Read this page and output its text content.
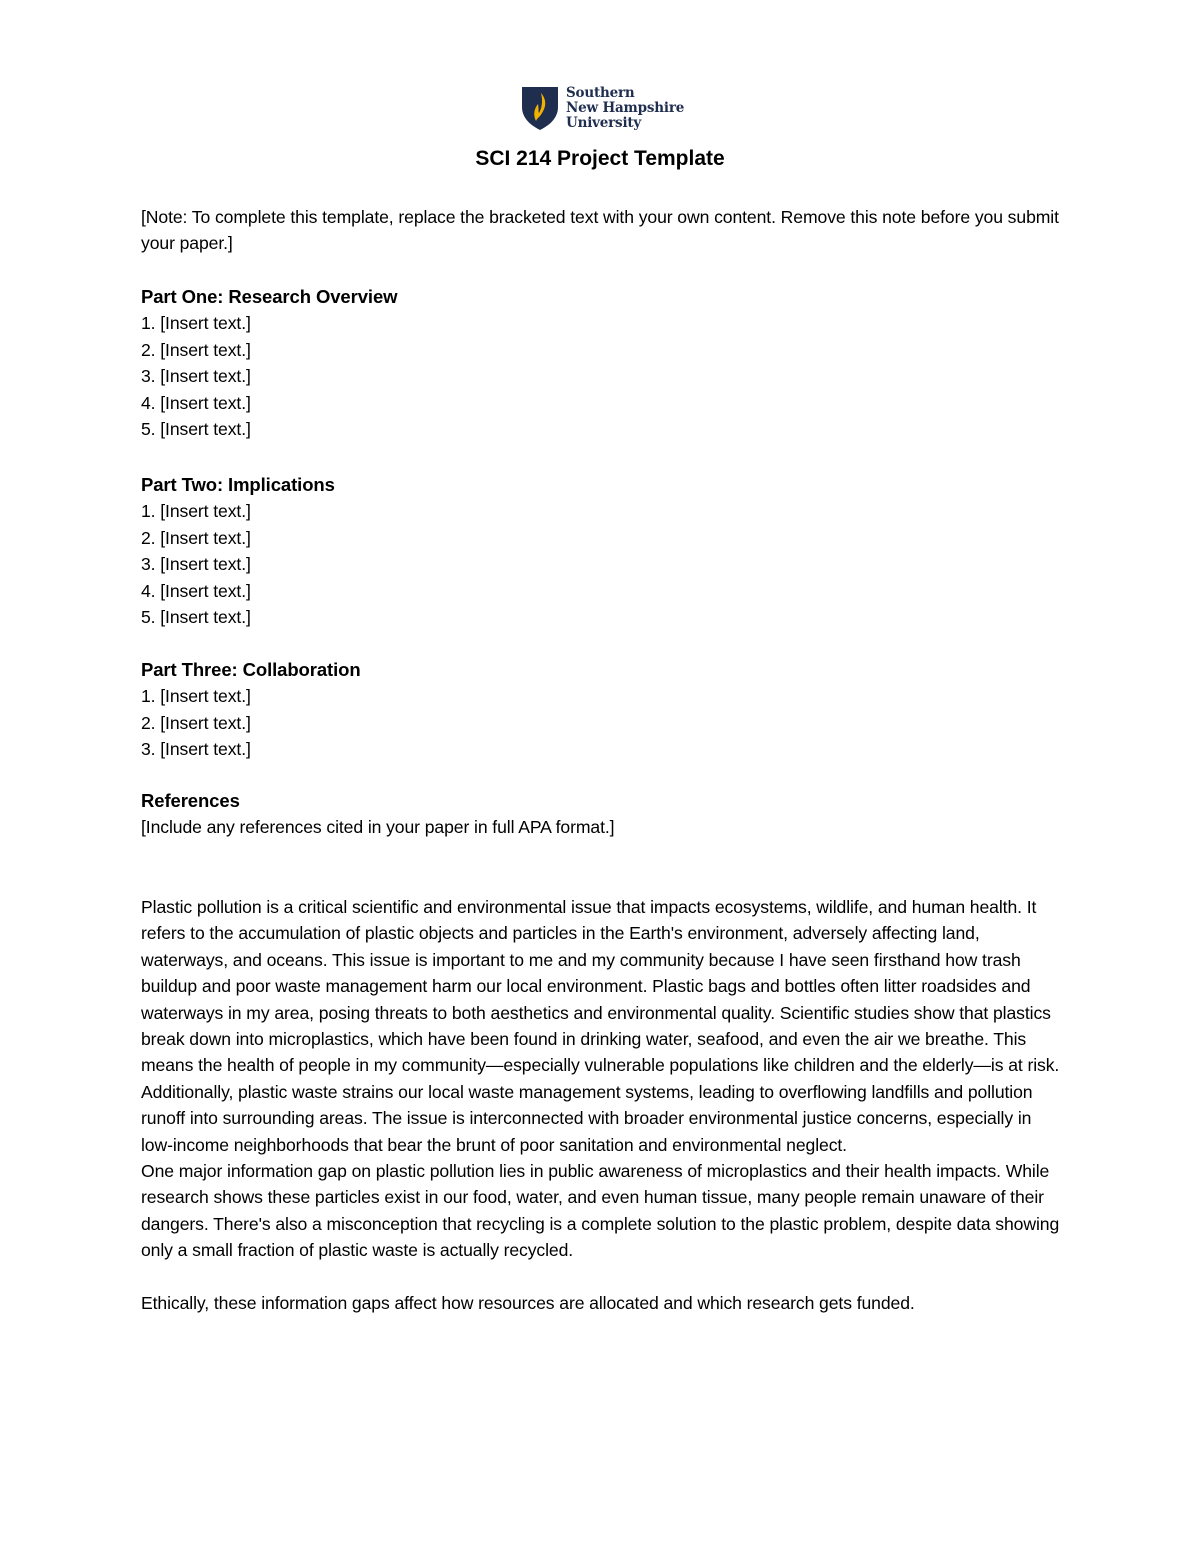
Southern
New Hampshire
University
SCI 214 Project Template
[Note: To complete this template, replace the bracketed text with your own content. Remove this note before you submit your paper.]
Part One: Research Overview
1. [Insert text.]
2. [Insert text.]
3. [Insert text.]
4. [Insert text.]
5. [Insert text.]
Part Two: Implications
1. [Insert text.]
2. [Insert text.]
3. [Insert text.]
4. [Insert text.]
5. [Insert text.]
Part Three: Collaboration
1. [Insert text.]
2. [Insert text.]
3. [Insert text.]
References
[Include any references cited in your paper in full APA format.]

Plastic pollution is a critical scientific and environmental issue that impacts ecosystems, wildlife, and human health. It refers to the accumulation of plastic objects and particles in the Earth's environment, adversely affecting land, waterways, and oceans. This issue is important to me and my community because I have seen firsthand how trash buildup and poor waste management harm our local environment. Plastic bags and bottles often litter roadsides and waterways in my area, posing threats to both aesthetics and environmental quality. Scientific studies show that plastics break down into microplastics, which have been found in drinking water, seafood, and even the air we breathe. This means the health of people in my community—especially vulnerable populations like children and the elderly—is at risk. Additionally, plastic waste strains our local waste management systems, leading to overflowing landfills and pollution runoff into surrounding areas. The issue is interconnected with broader environmental justice concerns, especially in low-income neighborhoods that bear the brunt of poor sanitation and environmental neglect.

One major information gap on plastic pollution lies in public awareness of microplastics and their health impacts. While research shows these particles exist in our food, water, and even human tissue, many people remain unaware of their dangers. There's also a misconception that recycling is a complete solution to the plastic problem, despite data showing only a small fraction of plastic waste is actually recycled.

Ethically, these information gaps affect how resources are allocated and which research gets funded.
